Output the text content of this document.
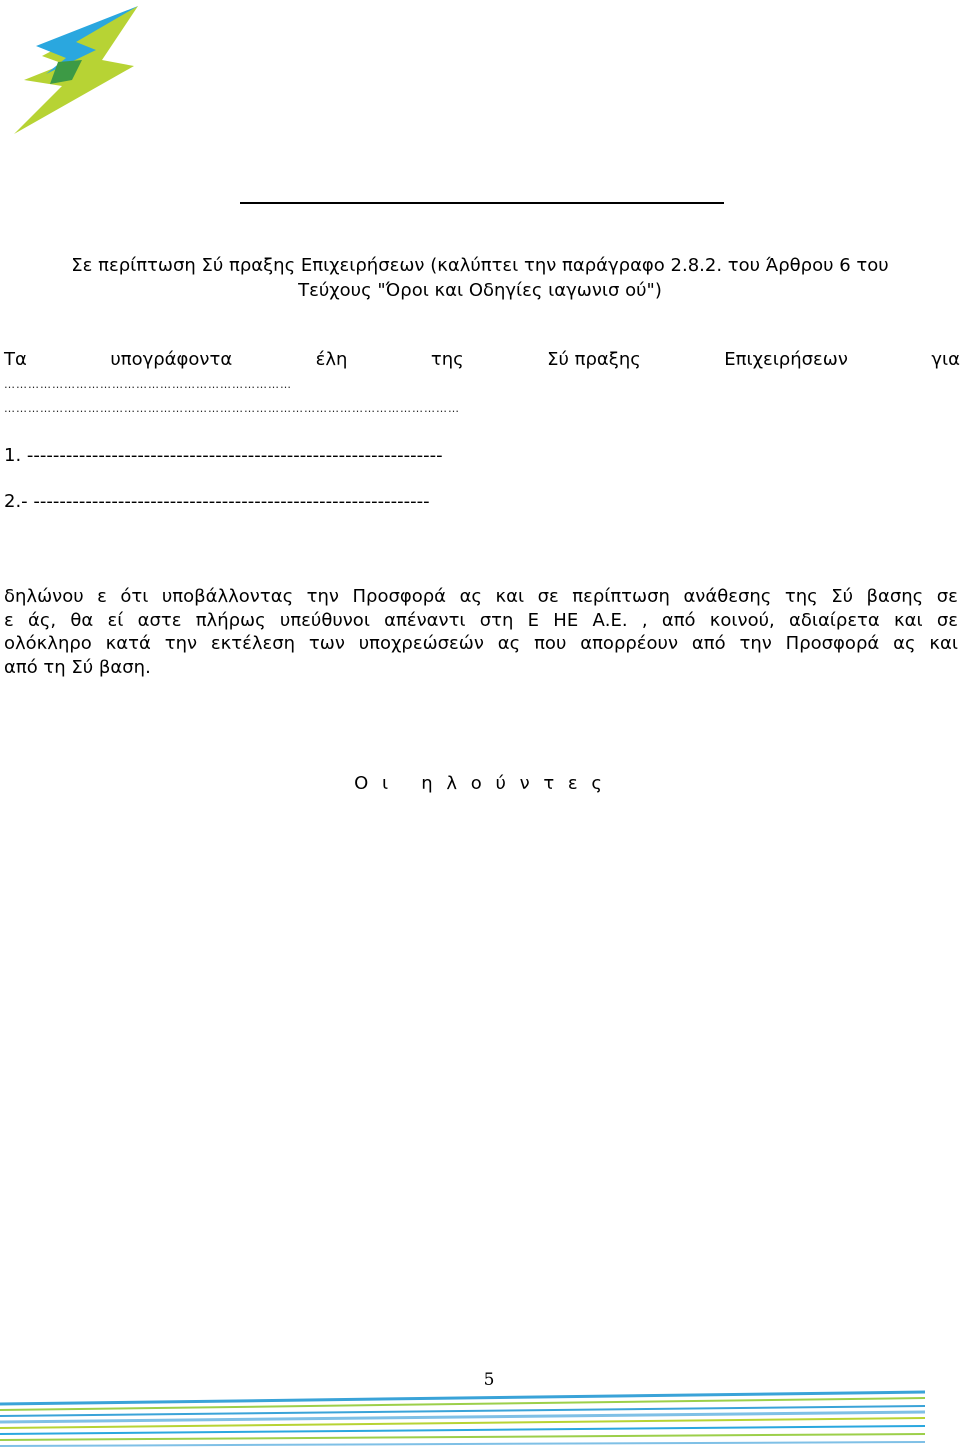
Σε περίπτωση Σύ πραξης Επιχειρήσεων (καλύπτει την παράγραφο 2.8.2. του Άρθρου 6 του
Τεύχους "Όροι και Οδηγίες ιαγωνισ ού")
Τα	υπογράφοντα	έλη	της	Σύ πραξης	Επιχειρήσεων	για
………………………………………………………………
……………………………………………………………………………………………………
1. ----------------------------------------------------------------
2.- -------------------------------------------------------------
δηλώνου ε ότι υποβάλλοντας την Προσφορά ας και σε περίπτωση ανάθεσης της Σύ βασης σε
ε άς, θα εί αστε πλήρως υπεύθυνοι απέναντι στη Ε ΗΕ Α.Ε. , από κοινού, αδιαίρετα και σε
ολόκληρο κατά την εκτέλεση των υποχρεώσεών ας που απορρέουν από την Προσφορά ας και
από τη Σύ βαση.
Ο ι   η λ ο ύ ν τ ε ς
5
